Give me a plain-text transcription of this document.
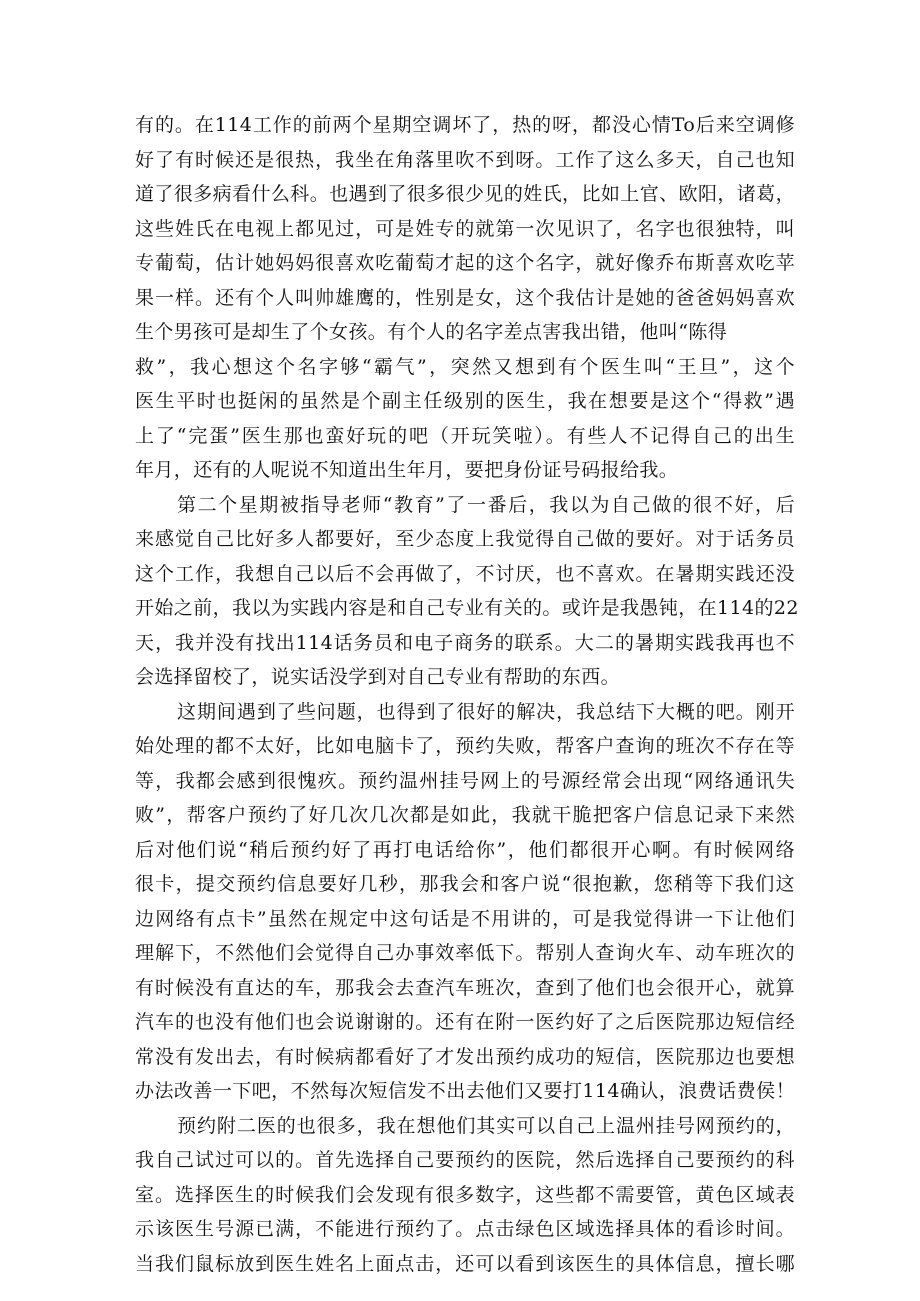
有的。在114工作的前两个星期空调坏了，热的呀，都没心情To后来空调修
好了有时候还是很热，我坐在角落里吹不到呀。工作了这么多天，自己也知
道了很多病看什么科。也遇到了很多很少见的姓氏，比如上官、欧阳，诸葛，
这些姓氏在电视上都见过，可是姓专的就第一次见识了，名字也很独特，叫
专葡萄，估计她妈妈很喜欢吃葡萄才起的这个名字，就好像乔布斯喜欢吃苹
果一样。还有个人叫帅雄鹰的，性别是女，这个我估计是她的爸爸妈妈喜欢
生个男孩可是却生了个女孩。有个人的名字差点害我出错，他叫“陈得
救”，我心想这个名字够“霸气”，突然又想到有个医生叫“王旦”，这个
医生平时也挺闲的虽然是个副主任级别的医生，我在想要是这个“得救”遇
上了“完蛋”医生那也蛮好玩的吧（开玩笑啦）。有些人不记得自己的出生
年月，还有的人呢说不知道出生年月，要把身份证号码报给我。
第二个星期被指导老师“教育”了一番后，我以为自己做的很不好，后
来感觉自己比好多人都要好，至少态度上我觉得自己做的要好。对于话务员
这个工作，我想自己以后不会再做了，不讨厌，也不喜欢。在暑期实践还没
开始之前，我以为实践内容是和自己专业有关的。或许是我愚钝，在114的22
天，我并没有找出114话务员和电子商务的联系。大二的暑期实践我再也不
会选择留校了，说实话没学到对自己专业有帮助的东西。
这期间遇到了些问题，也得到了很好的解决，我总结下大概的吧。刚开
始处理的都不太好，比如电脑卡了，预约失败，帮客户查询的班次不存在等
等，我都会感到很愧疚。预约温州挂号网上的号源经常会出现“网络通讯失
败”，帮客户预约了好几次几次都是如此，我就干脆把客户信息记录下来然
后对他们说“稍后预约好了再打电话给你”，他们都很开心啊。有时候网络
很卡，提交预约信息要好几秒，那我会和客户说“很抱歉，您稍等下我们这
边网络有点卡”虽然在规定中这句话是不用讲的，可是我觉得讲一下让他们
理解下，不然他们会觉得自己办事效率低下。帮别人查询火车、动车班次的
有时候没有直达的车，那我会去查汽车班次，查到了他们也会很开心，就算
汽车的也没有他们也会说谢谢的。还有在附一医约好了之后医院那边短信经
常没有发出去，有时候病都看好了才发出预约成功的短信，医院那边也要想
办法改善一下吧，不然每次短信发不出去他们又要打114确认，浪费话费侯！
预约附二医的也很多，我在想他们其实可以自己上温州挂号网预约的，
我自己试过可以的。首先选择自己要预约的医院，然后选择自己要预约的科
室。选择医生的时候我们会发现有很多数字，这些都不需要管，黄色区域表
示该医生号源已满，不能进行预约了。点击绿色区域选择具体的看诊时间。
当我们鼠标放到医生姓名上面点击，还可以看到该医生的具体信息，擅长哪
